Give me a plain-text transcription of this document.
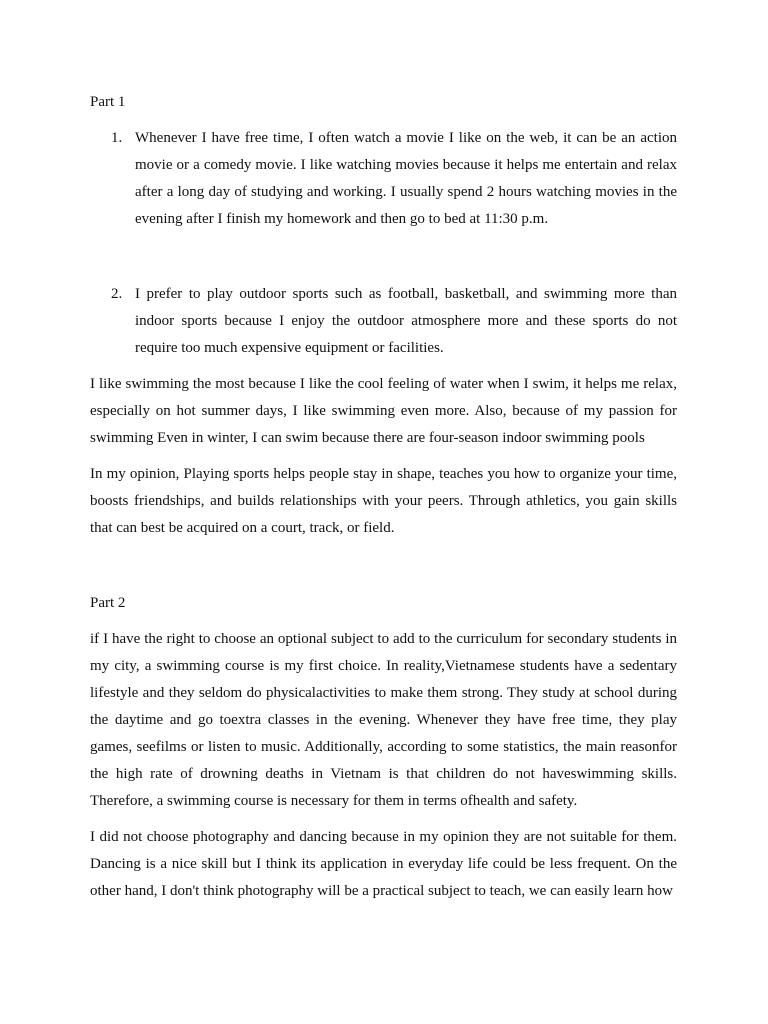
Part 1
1. Whenever I have free time, I often watch a movie I like on the web, it can be an action movie or a comedy movie. I like watching movies because it helps me entertain and relax after a long day of studying and working. I usually spend 2 hours watching movies in the evening after I finish my homework and then go to bed at 11:30 p.m.
2. I prefer to play outdoor sports such as football, basketball, and swimming more than indoor sports because I enjoy the outdoor atmosphere more and these sports do not require too much expensive equipment or facilities.

I like swimming the most because I like the cool feeling of water when I swim, it helps me relax, especially on hot summer days, I like swimming even more. Also, because of my passion for swimming Even in winter, I can swim because there are four-season indoor swimming pools

In my opinion, Playing sports helps people stay in shape, teaches you how to organize your time, boosts friendships, and builds relationships with your peers. Through athletics, you gain skills that can best be acquired on a court, track, or field.

Part 2

if I have the right to choose an optional subject to add to the curriculum for secondary students in my city, a swimming course is my first choice. In reality,Vietnamese students have a sedentary lifestyle and they seldom do physicalactivities to make them strong. They study at school during the daytime and go toextra classes in the evening. Whenever they have free time, they play games, seefilms or listen to music. Additionally, according to some statistics, the main reasonfor the high rate of drowning deaths in Vietnam is that children do not haveswimming skills. Therefore, a swimming course is necessary for them in terms ofhealth and safety.

I did not choose photography and dancing because in my opinion they are not suitable for them. Dancing is a nice skill but I think its application in everyday life could be less frequent. On the other hand, I don't think photography will be a practical subject to teach, we can easily learn how
